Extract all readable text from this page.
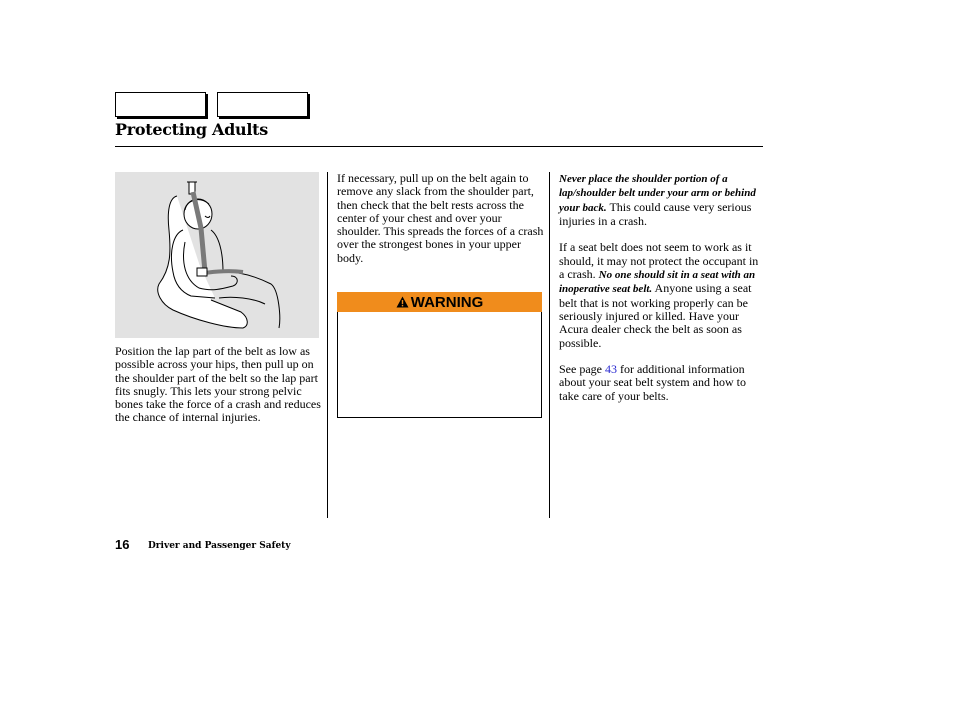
Protecting Adults

Position the lap part of the belt as low as possible across your hips, then pull up on the shoulder part of the belt so the lap part fits snugly. This lets your strong pelvic bones take the force of a crash and reduces the chance of internal injuries.

If necessary, pull up on the belt again to remove any slack from the shoulder part, then check that the belt rests across the center of your chest and over your shoulder. This spreads the forces of a crash over the strongest bones in your upper body.

WARNING

Never place the shoulder portion of a lap/shoulder belt under your arm or behind your back. This could cause very serious injuries in a crash.

If a seat belt does not seem to work as it should, it may not protect the occupant in a crash. No one should sit in a seat with an inoperative seat belt. Anyone using a seat belt that is not working properly can be seriously injured or killed. Have your Acura dealer check the belt as soon as possible.

See page 43 for additional information about your seat belt system and how to take care of your belts.

16 Driver and Passenger Safety
